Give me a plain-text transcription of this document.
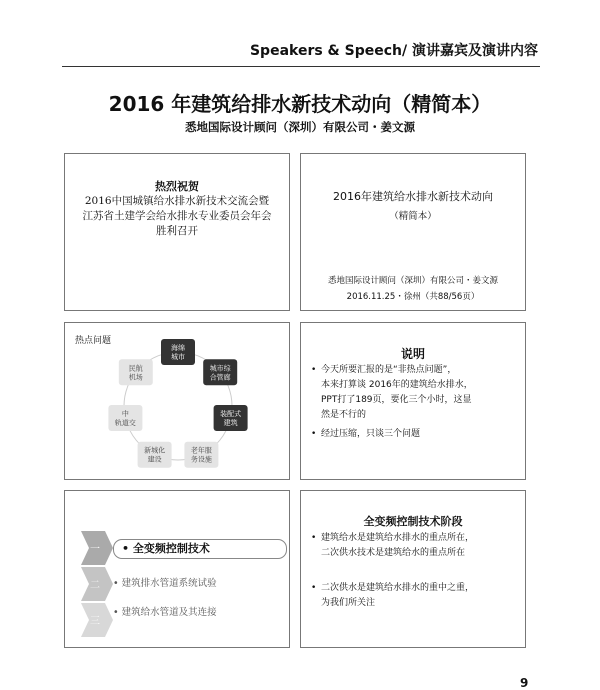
Speakers & Speech/ 演讲嘉宾及演讲内容
2016 年建筑给排水新技术动向（精简本）
悉地国际设计顾问（深圳）有限公司・姜文源
热烈祝贺
2016中国城镇给水排水新技术交流会暨
江苏省土建学会给水排水专业委员会年会
胜利召开
2016年建筑给水排水新技术动向
（精简本）
悉地国际设计顾问（深圳）有限公司・姜文源
2016.11.25・徐州（共88/56页）
热点问题
海绵
城市
城市综
合管廊
装配式
建筑
老年服
务设施
新城化
建设
中
轨道交
民航
机场
说明
• 今天所要汇报的是“非热点问题”，
本来打算谈 2016年的建筑给水排水，
PPT打了189页，要化三个小时，这显
然是不行的
• 经过压缩，只谈三个问题
一
二
三
• 全变频控制技术
• 建筑排水管道系统试验
• 建筑给水管道及其连接
全变频控制技术阶段
• 建筑给水是建筑给水排水的重点所在，
二次供水技术是建筑给水的重点所在
• 二次供水是建筑给水排水的重中之重，
为我们所关注
9
